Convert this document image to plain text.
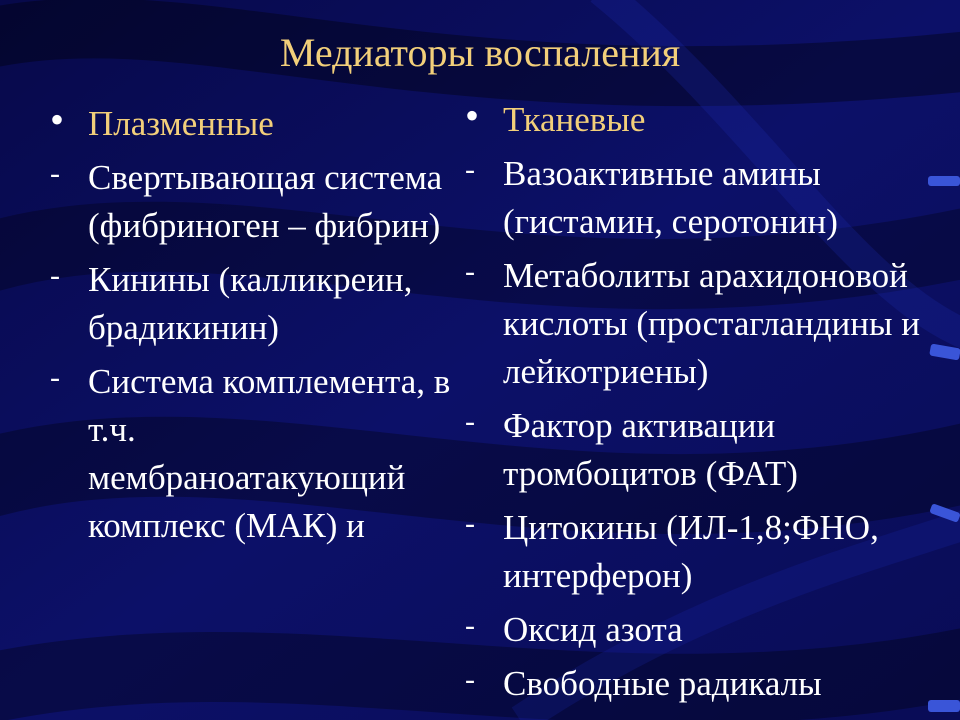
Медиаторы воспаления
• Плазменные
- Свертывающая система (фибриноген – фибрин)
- Кинины (калликреин, брадикинин)
- Система комплемента, в т.ч. мембраноатакующий комплекс (МАК) и
• Тканевые
- Вазоактивные амины (гистамин, серотонин)
- Метаболиты арахидоновой кислоты (простагландины и лейкотриены)
- Фактор активации тромбоцитов (ФАТ)
- Цитокины (ИЛ-1,8;ФНО, интерферон)
- Оксид азота
- Свободные радикалы
